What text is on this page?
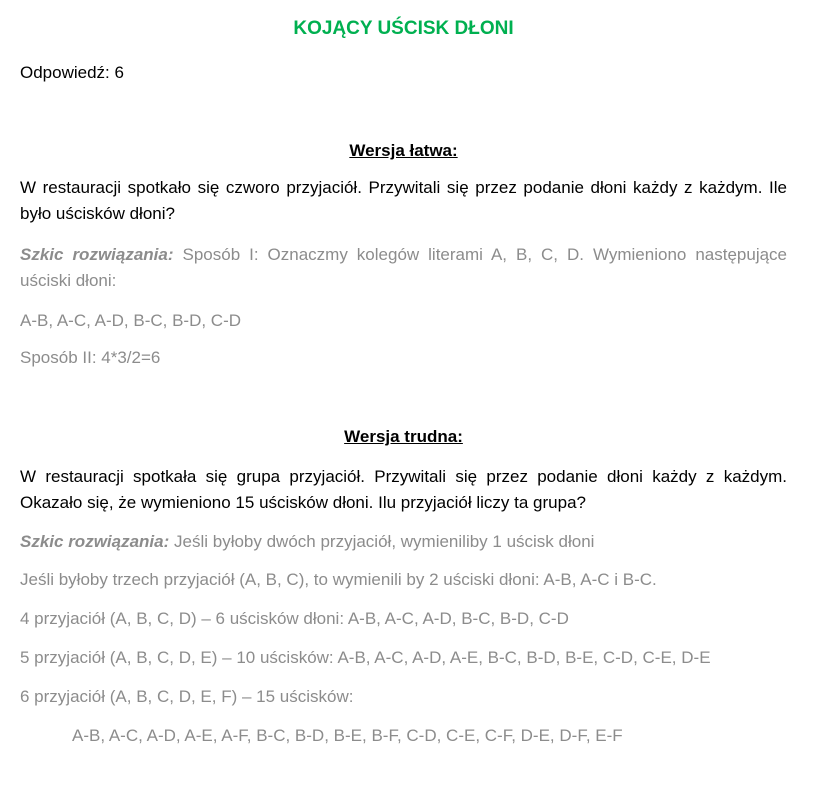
KOJĄCY UŚCISK DŁONI
Odpowiedź: 6
Wersja łatwa:
W restauracji spotkało się czworo przyjaciół. Przywitali się przez podanie dłoni każdy z każdym. Ile było uścisków dłoni?
Szkic rozwiązania: Sposób I: Oznaczmy kolegów literami A, B, C, D. Wymieniono następujące uściski dłoni:
A-B, A-C, A-D, B-C, B-D, C-D
Sposób II: 4*3/2=6
Wersja trudna:
W restauracji spotkała się grupa przyjaciół. Przywitali się przez podanie dłoni każdy z każdym. Okazało się, że wymieniono 15 uścisków dłoni. Ilu przyjaciół liczy ta grupa?
Szkic rozwiązania: Jeśli byłoby dwóch przyjaciół, wymieniliby 1 uścisk dłoni
Jeśli byłoby trzech przyjaciół (A, B, C), to wymienili by 2 uściski dłoni: A-B, A-C i B-C.
4 przyjaciół (A, B, C, D) – 6 uścisków dłoni: A-B, A-C, A-D, B-C, B-D, C-D
5 przyjaciół (A, B, C, D, E) – 10 uścisków: A-B, A-C, A-D, A-E, B-C, B-D, B-E, C-D, C-E, D-E
6 przyjaciół (A, B, C, D, E, F) – 15 uścisków:
A-B, A-C, A-D, A-E, A-F, B-C, B-D, B-E, B-F, C-D, C-E, C-F, D-E, D-F, E-F
